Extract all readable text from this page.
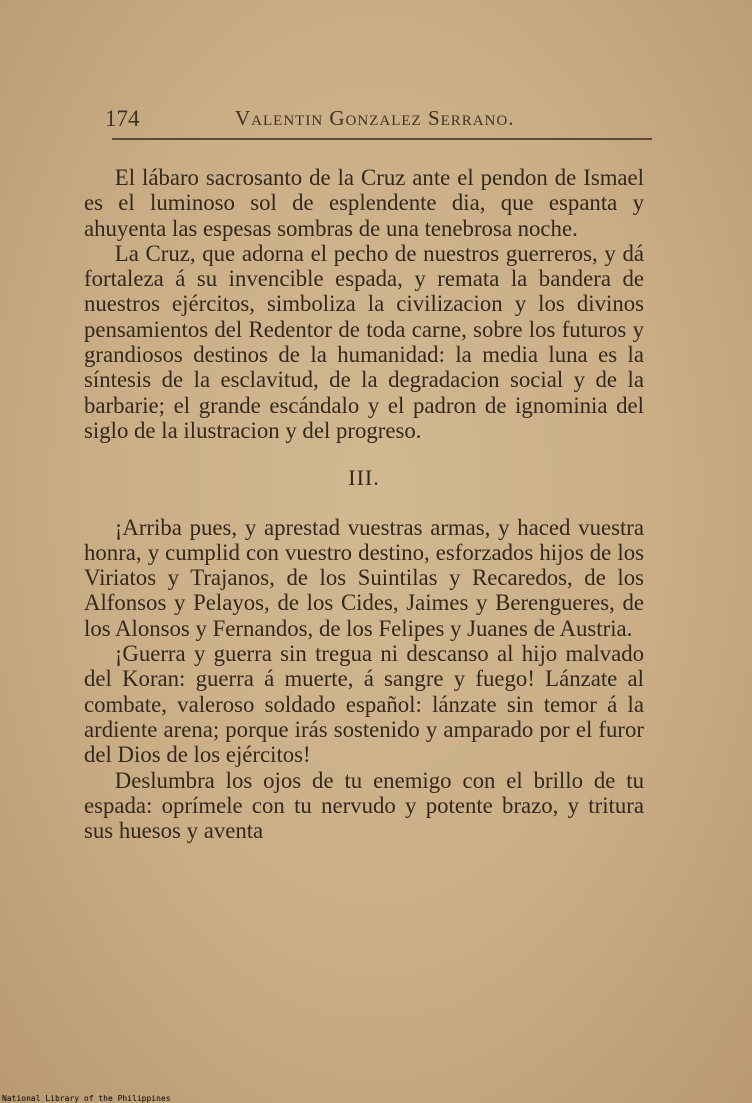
174	Valentin Gonzalez Serrano.

El lábaro sacrosanto de la Cruz ante el pendon de Ismael es el luminoso sol de esplendente dia, que espanta y ahuyenta las espesas sombras de una tenebrosa noche.

La Cruz, que adorna el pecho de nuestros guerreros, y dá fortaleza á su invencible espada, y remata la bandera de nuestros ejércitos, simboliza la civilizacion y los divinos pensamientos del Redentor de toda carne, sobre los futuros y grandiosos destinos de la humanidad: la media luna es la síntesis de la esclavitud, de la degradacion social y de la barbarie; el grande escándalo y el padron de ignominia del siglo de la ilustracion y del progreso.

III.

¡Arriba pues, y aprestad vuestras armas, y haced vuestra honra, y cumplid con vuestro destino, esforzados hijos de los Viriatos y Trajanos, de los Suintilas y Recaredos, de los Alfonsos y Pelayos, de los Cides, Jaimes y Berengueres, de los Alonsos y Fernandos, de los Felipes y Juanes de Austria.

¡Guerra y guerra sin tregua ni descanso al hijo malvado del Koran: guerra á muerte, á sangre y fuego! Lánzate al combate, valeroso soldado español: lánzate sin temor á la ardiente arena; porque irás sostenido y amparado por el furor del Dios de los ejércitos!

Deslumbra los ojos de tu enemigo con el brillo de tu espada: oprímele con tu nervudo y potente brazo, y tritura sus huesos y aventa

National Library of the Philippines
